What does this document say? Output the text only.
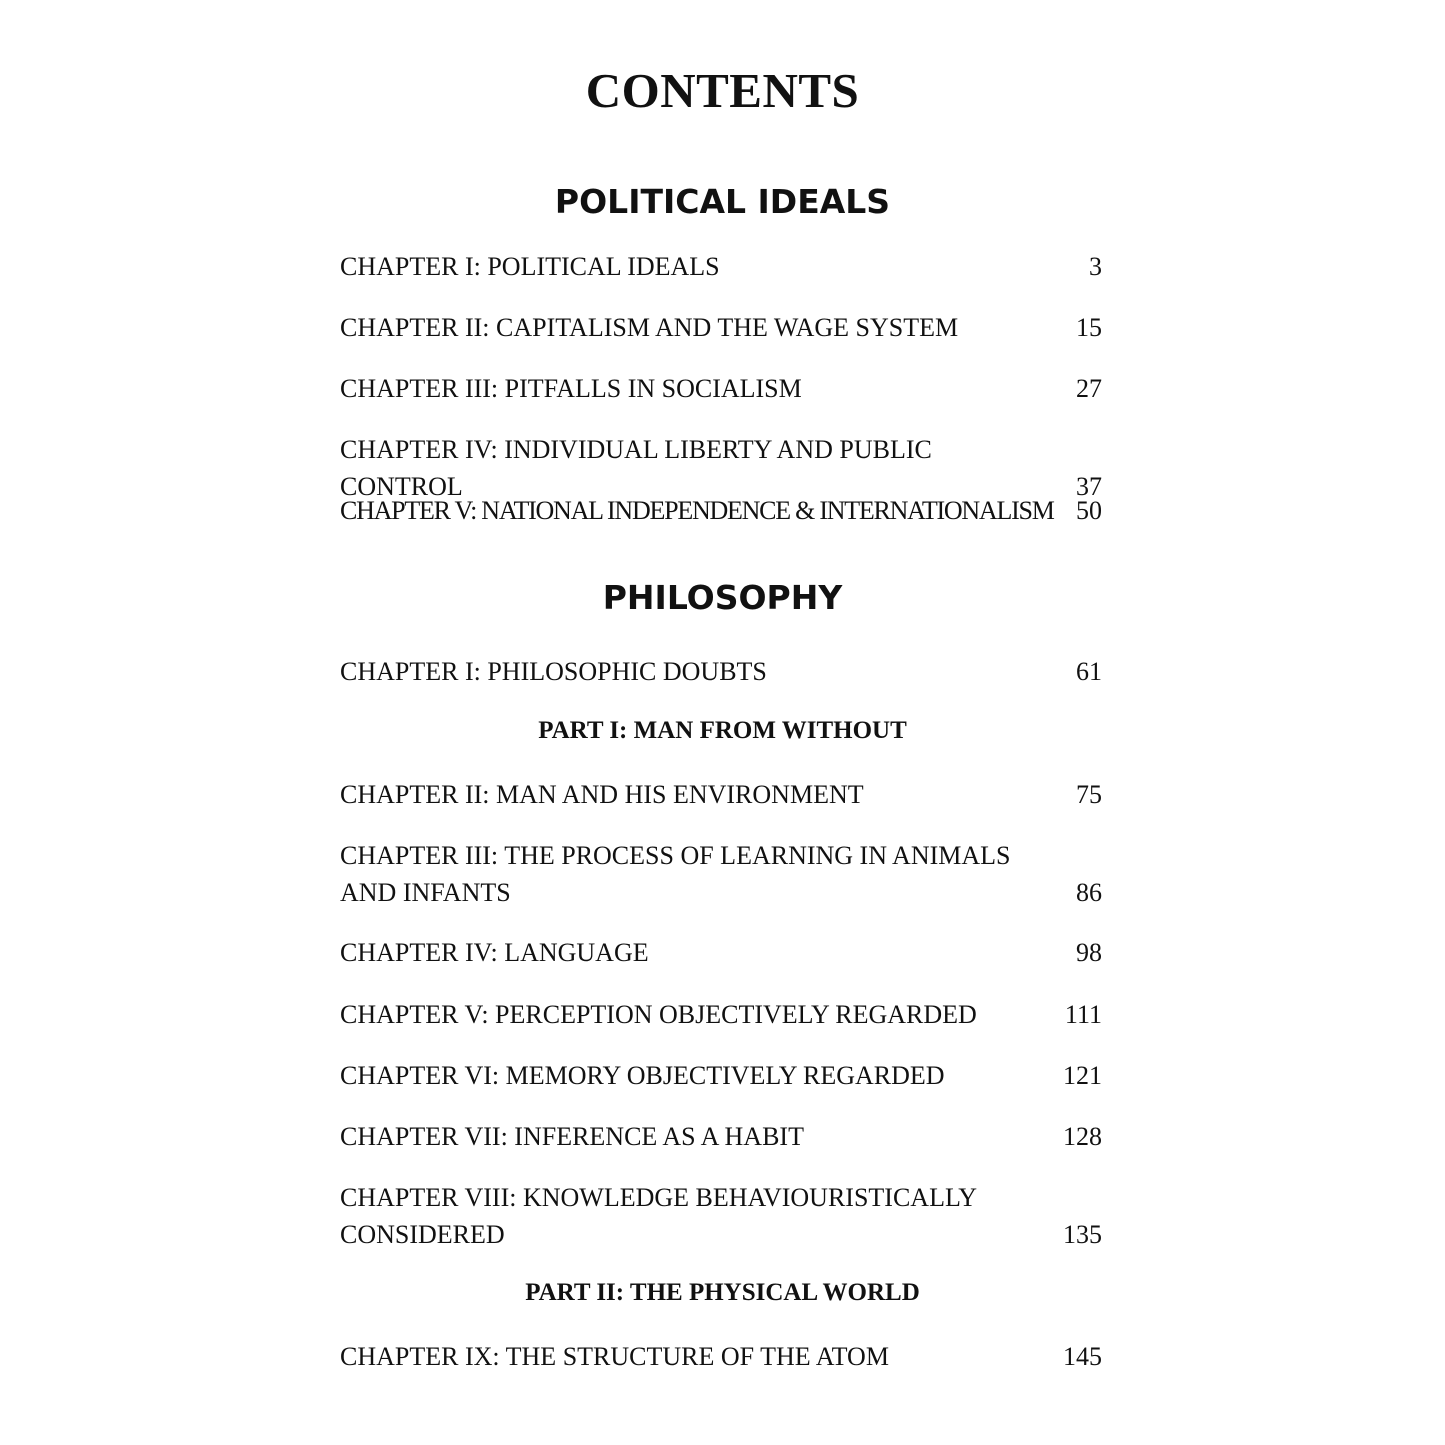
CONTENTS
POLITICAL IDEALS
CHAPTER I: POLITICAL IDEALS	3
CHAPTER II: CAPITALISM AND THE WAGE SYSTEM	15
CHAPTER III: PITFALLS IN SOCIALISM	27
CHAPTER IV: INDIVIDUAL LIBERTY AND PUBLIC CONTROL	37
CHAPTER V: NATIONAL INDEPENDENCE & INTERNATIONALISM 50
PHILOSOPHY
CHAPTER I: PHILOSOPHIC DOUBTS	61
PART I: MAN FROM WITHOUT
CHAPTER II: MAN AND HIS ENVIRONMENT	75
CHAPTER III: THE PROCESS OF LEARNING IN ANIMALS AND INFANTS	86
CHAPTER IV: LANGUAGE	98
CHAPTER V: PERCEPTION OBJECTIVELY REGARDED	111
CHAPTER VI: MEMORY OBJECTIVELY REGARDED	121
CHAPTER VII: INFERENCE AS A HABIT	128
CHAPTER VIII: KNOWLEDGE BEHAVIOURISTICALLY CONSIDERED	135
PART II: THE PHYSICAL WORLD
CHAPTER IX: THE STRUCTURE OF THE ATOM	145
